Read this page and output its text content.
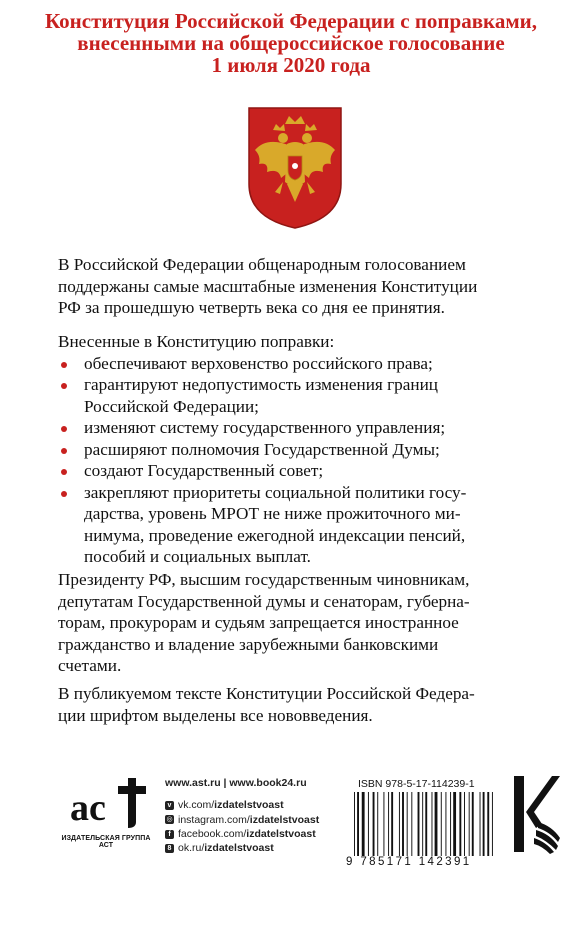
Конституция Российской Федерации с поправками,
внесенными на общероссийское голосование
1 июля 2020 года
В Российской Федерации общенародным голосованием
поддержаны самые масштабные изменения Конституции
РФ за прошедшую четверть века со дня ее принятия.
Внесенные в Конституцию поправки:
обеспечивают верховенство российского права;
гарантируют недопустимость изменения границ
Российской Федерации;
изменяют систему государственного управления;
расширяют полномочия Государственной Думы;
создают Государственный совет;
закрепляют приоритеты социальной политики госу-
дарства, уровень МРОТ не ниже прожиточного ми-
нимума, проведение ежегодной индексации пенсий,
пособий и социальных выплат.
Президенту РФ, высшим государственным чиновникам,
депутатам Государственной думы и сенаторам, губерна-
торам, прокурорам и судьям запрещается иностранное
гражданство и владение зарубежными банковскими
счетами.
В публикуемом тексте Конституции Российской Федера-
ции шрифтом выделены все нововведения.
ac
ИЗДАТЕЛЬСКАЯ ГРУППА АСТ
www.ast.ru | www.book24.ru
v vk.com/ izdatelstvoast
◎ instagram.com/ izdatelstvoast
f facebook.com/ izdatelstvoast
8 ok.ru/ izdatelstvoast
ISBN 978-5-17-114239-1
9 785171 142391
